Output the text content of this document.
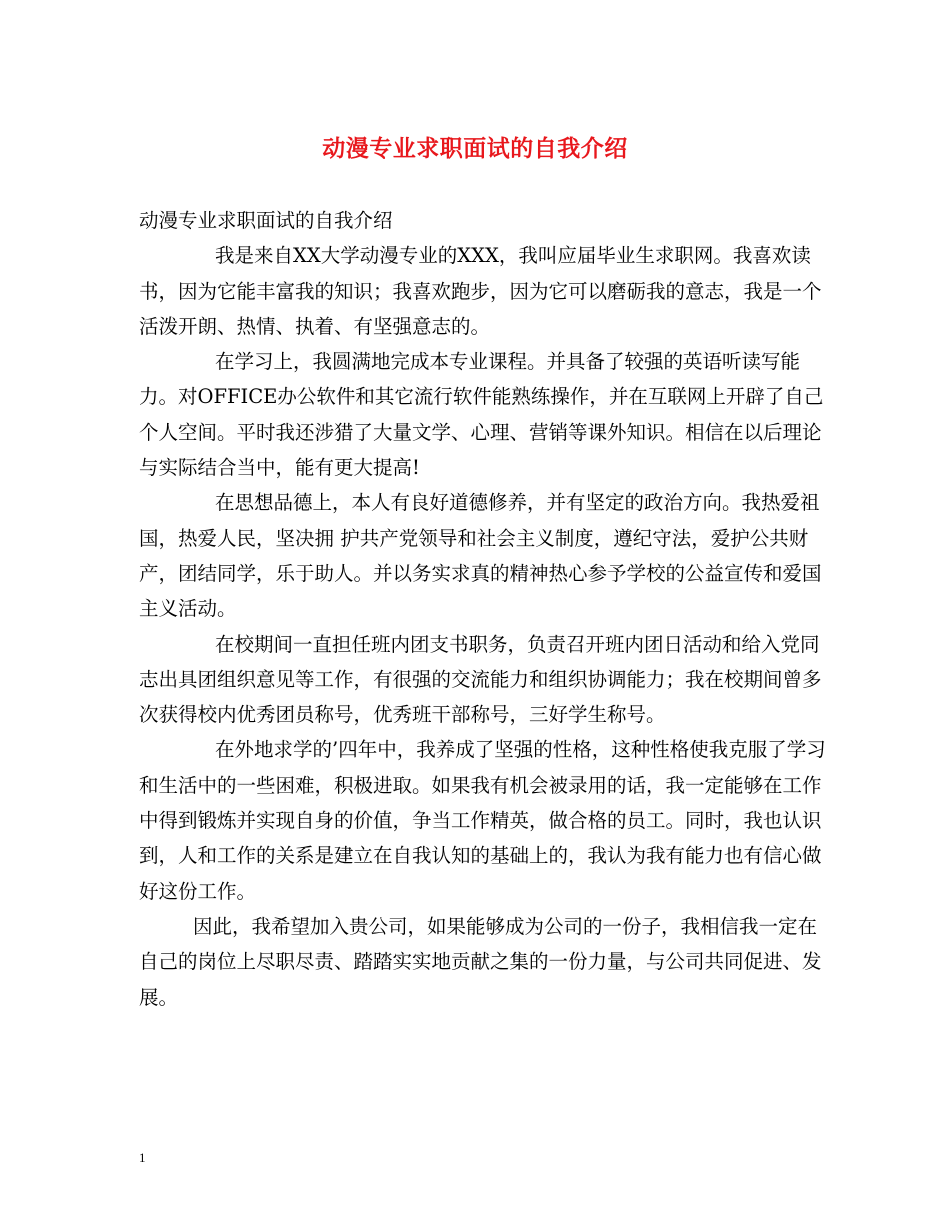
动漫专业求职面试的自我介绍

动漫专业求职面试的自我介绍

我是来自XX大学动漫专业的XXX，我叫应届毕业生求职网。我喜欢读书，因为它能丰富我的知识；我喜欢跑步，因为它可以磨砺我的意志，我是一个活泼开朗、热情、执着、有坚强意志的。

在学习上，我圆满地完成本专业课程。并具备了较强的英语听读写能力。对OFFICE办公软件和其它流行软件能熟练操作，并在互联网上开辟了自己个人空间。平时我还涉猎了大量文学、心理、营销等课外知识。相信在以后理论与实际结合当中，能有更大提高!

在思想品德上，本人有良好道德修养，并有坚定的政治方向。我热爱祖国，热爱人民，坚决拥 护共产党领导和社会主义制度，遵纪守法，爱护公共财产，团结同学，乐于助人。并以务实求真的精神热心参予学校的公益宣传和爱国主义活动。

在校期间一直担任班内团支书职务，负责召开班内团日活动和给入党同志出具团组织意见等工作，有很强的交流能力和组织协调能力；我在校期间曾多次获得校内优秀团员称号，优秀班干部称号，三好学生称号。

在外地求学的’四年中，我养成了坚强的性格，这种性格使我克服了学习和生活中的一些困难，积极进取。如果我有机会被录用的话，我一定能够在工作中得到锻炼并实现自身的价值，争当工作精英，做合格的员工。同时，我也认识到，人和工作的关系是建立在自我认知的基础上的，我认为我有能力也有信心做好这份工作。

因此，我希望加入贵公司，如果能够成为公司的一份子，我相信我一定在自己的岗位上尽职尽责、踏踏实实地贡献之集的一份力量，与公司共同促进、发展。

1
